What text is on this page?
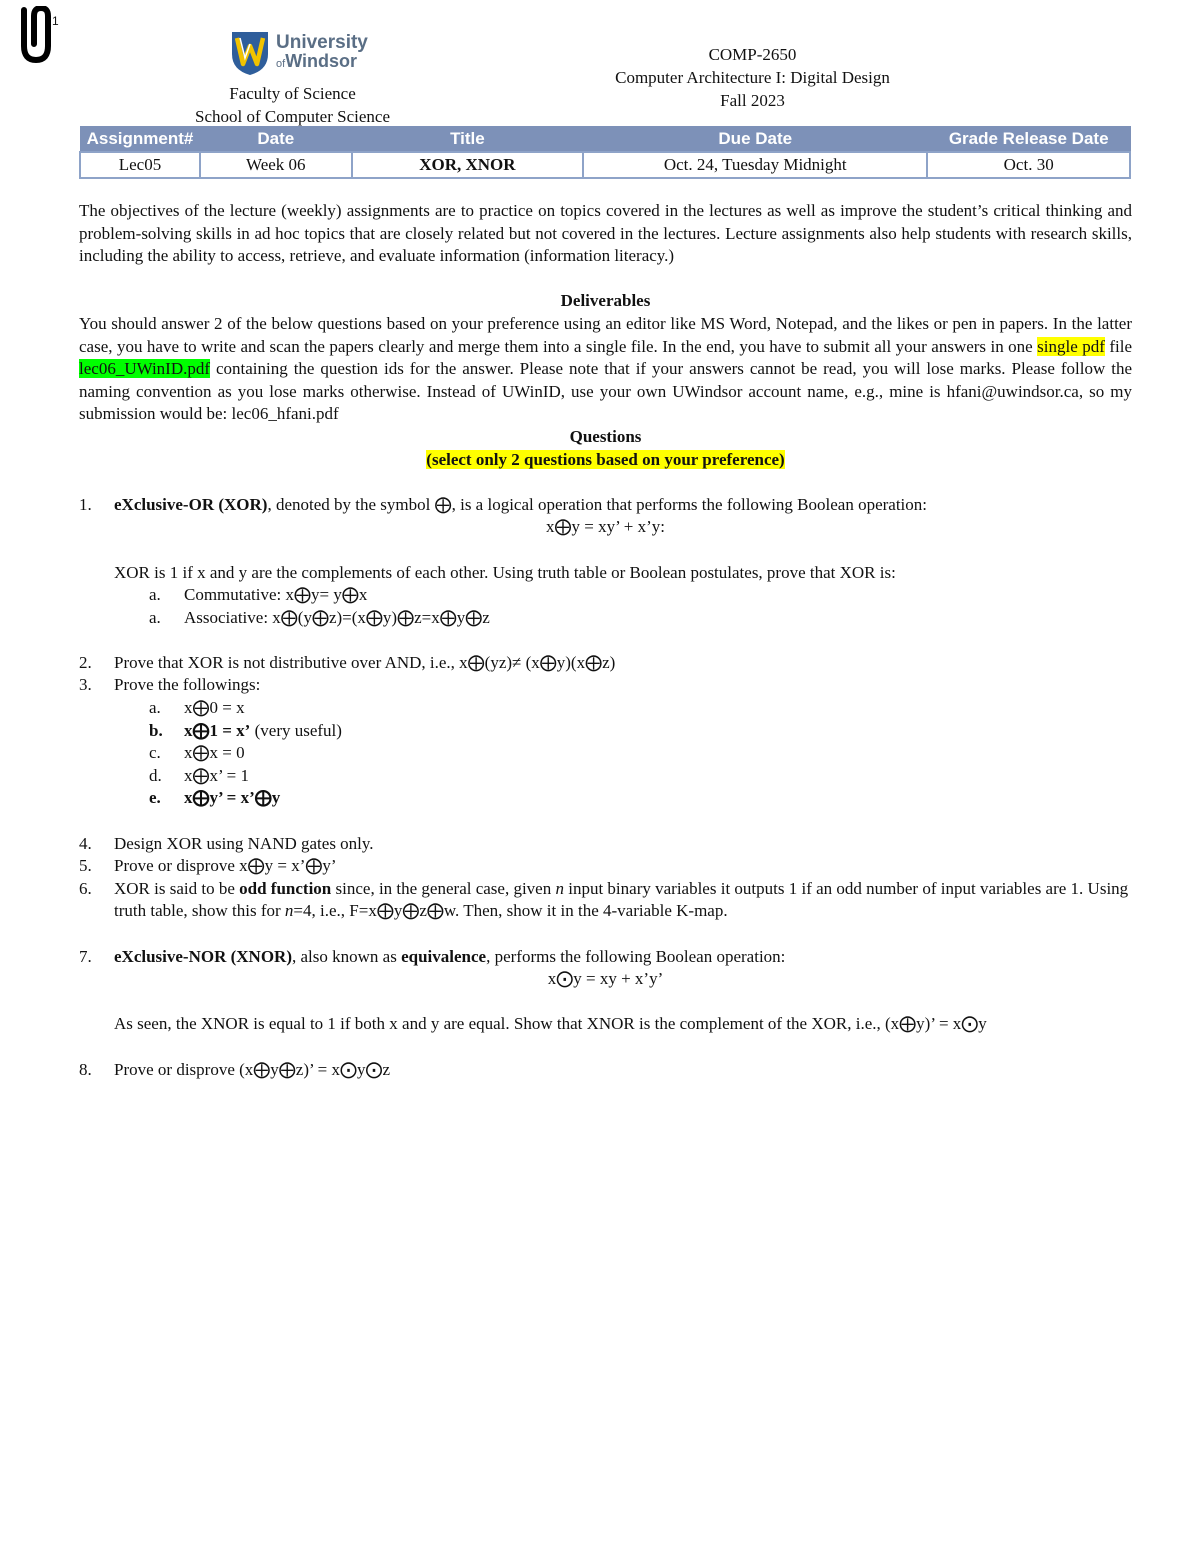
1
University
ofWindsor
Faculty of Science
School of Computer Science
COMP-2650
Computer Architecture I: Digital Design
Fall 2023
Assignment#	Date	Title	Due Date	Grade Release Date
Lec05	Week 06	XOR, XNOR	Oct. 24, Tuesday Midnight	Oct. 30

The objectives of the lecture (weekly) assignments are to practice on topics covered in the lectures as well as improve the student’s critical thinking and problem-solving skills in ad hoc topics that are closely related but not covered in the lectures. Lecture assignments also help students with research skills, including the ability to access, retrieve, and evaluate information (information literacy.)

Deliverables

You should answer 2 of the below questions based on your preference using an editor like MS Word, Notepad, and the likes or pen in papers. In the latter case, you have to write and scan the papers clearly and merge them into a single file. In the end, you have to submit all your answers in one single pdf file lec06_UWinID.pdf containing the question ids for the answer. Please note that if your answers cannot be read, you will lose marks. Please follow the naming convention as you lose marks otherwise. Instead of UWinID, use your own UWindsor account name, e.g., mine is hfani@uwindsor.ca, so my submission would be: lec06_hfani.pdf

Questions

(select only 2 questions based on your preference)

1.	eXclusive-OR (XOR), denoted by the symbol ⨁, is a logical operation that performs the following Boolean operation:

x⨁y = xy’ + x’y:

XOR is 1 if x and y are the complements of each other. Using truth table or Boolean postulates, prove that XOR is:

a.	Commutative: x⨁y= y⨁x
a.	Associative: x⨁(y⨁z)=(x⨁y)⨁z=x⨁y⨁z
2.	Prove that XOR is not distributive over AND, i.e., x⨁(yz)≠ (x⨁y)(x⨁z)
3.	Prove the followings:
a.	x⨁0 = x
b.	x⨁1 = x’ (very useful)
c.	x⨁x = 0
d.	x⨁x’ = 1
e.	x⨁y’ = x’⨁y
4.	Design XOR using NAND gates only.
5.	Prove or disprove x⨁y = x’⨁y’
6.	XOR is said to be odd function since, in the general case, given n input binary variables it outputs 1 if an odd number of input variables are 1. Using truth table, show this for n=4, i.e., F=x⨁y⨁z⨁w. Then, show it in the 4-variable K-map.
7.	eXclusive-NOR (XNOR), also known as equivalence, performs the following Boolean operation:

x⨀y = xy + x’y’

As seen, the XNOR is equal to 1 if both x and y are equal. Show that XNOR is the complement of the XOR, i.e., (x⨁y)’ = x⨀y

8.	Prove or disprove (x⨁y⨁z)’ = x⨀y⨀z
